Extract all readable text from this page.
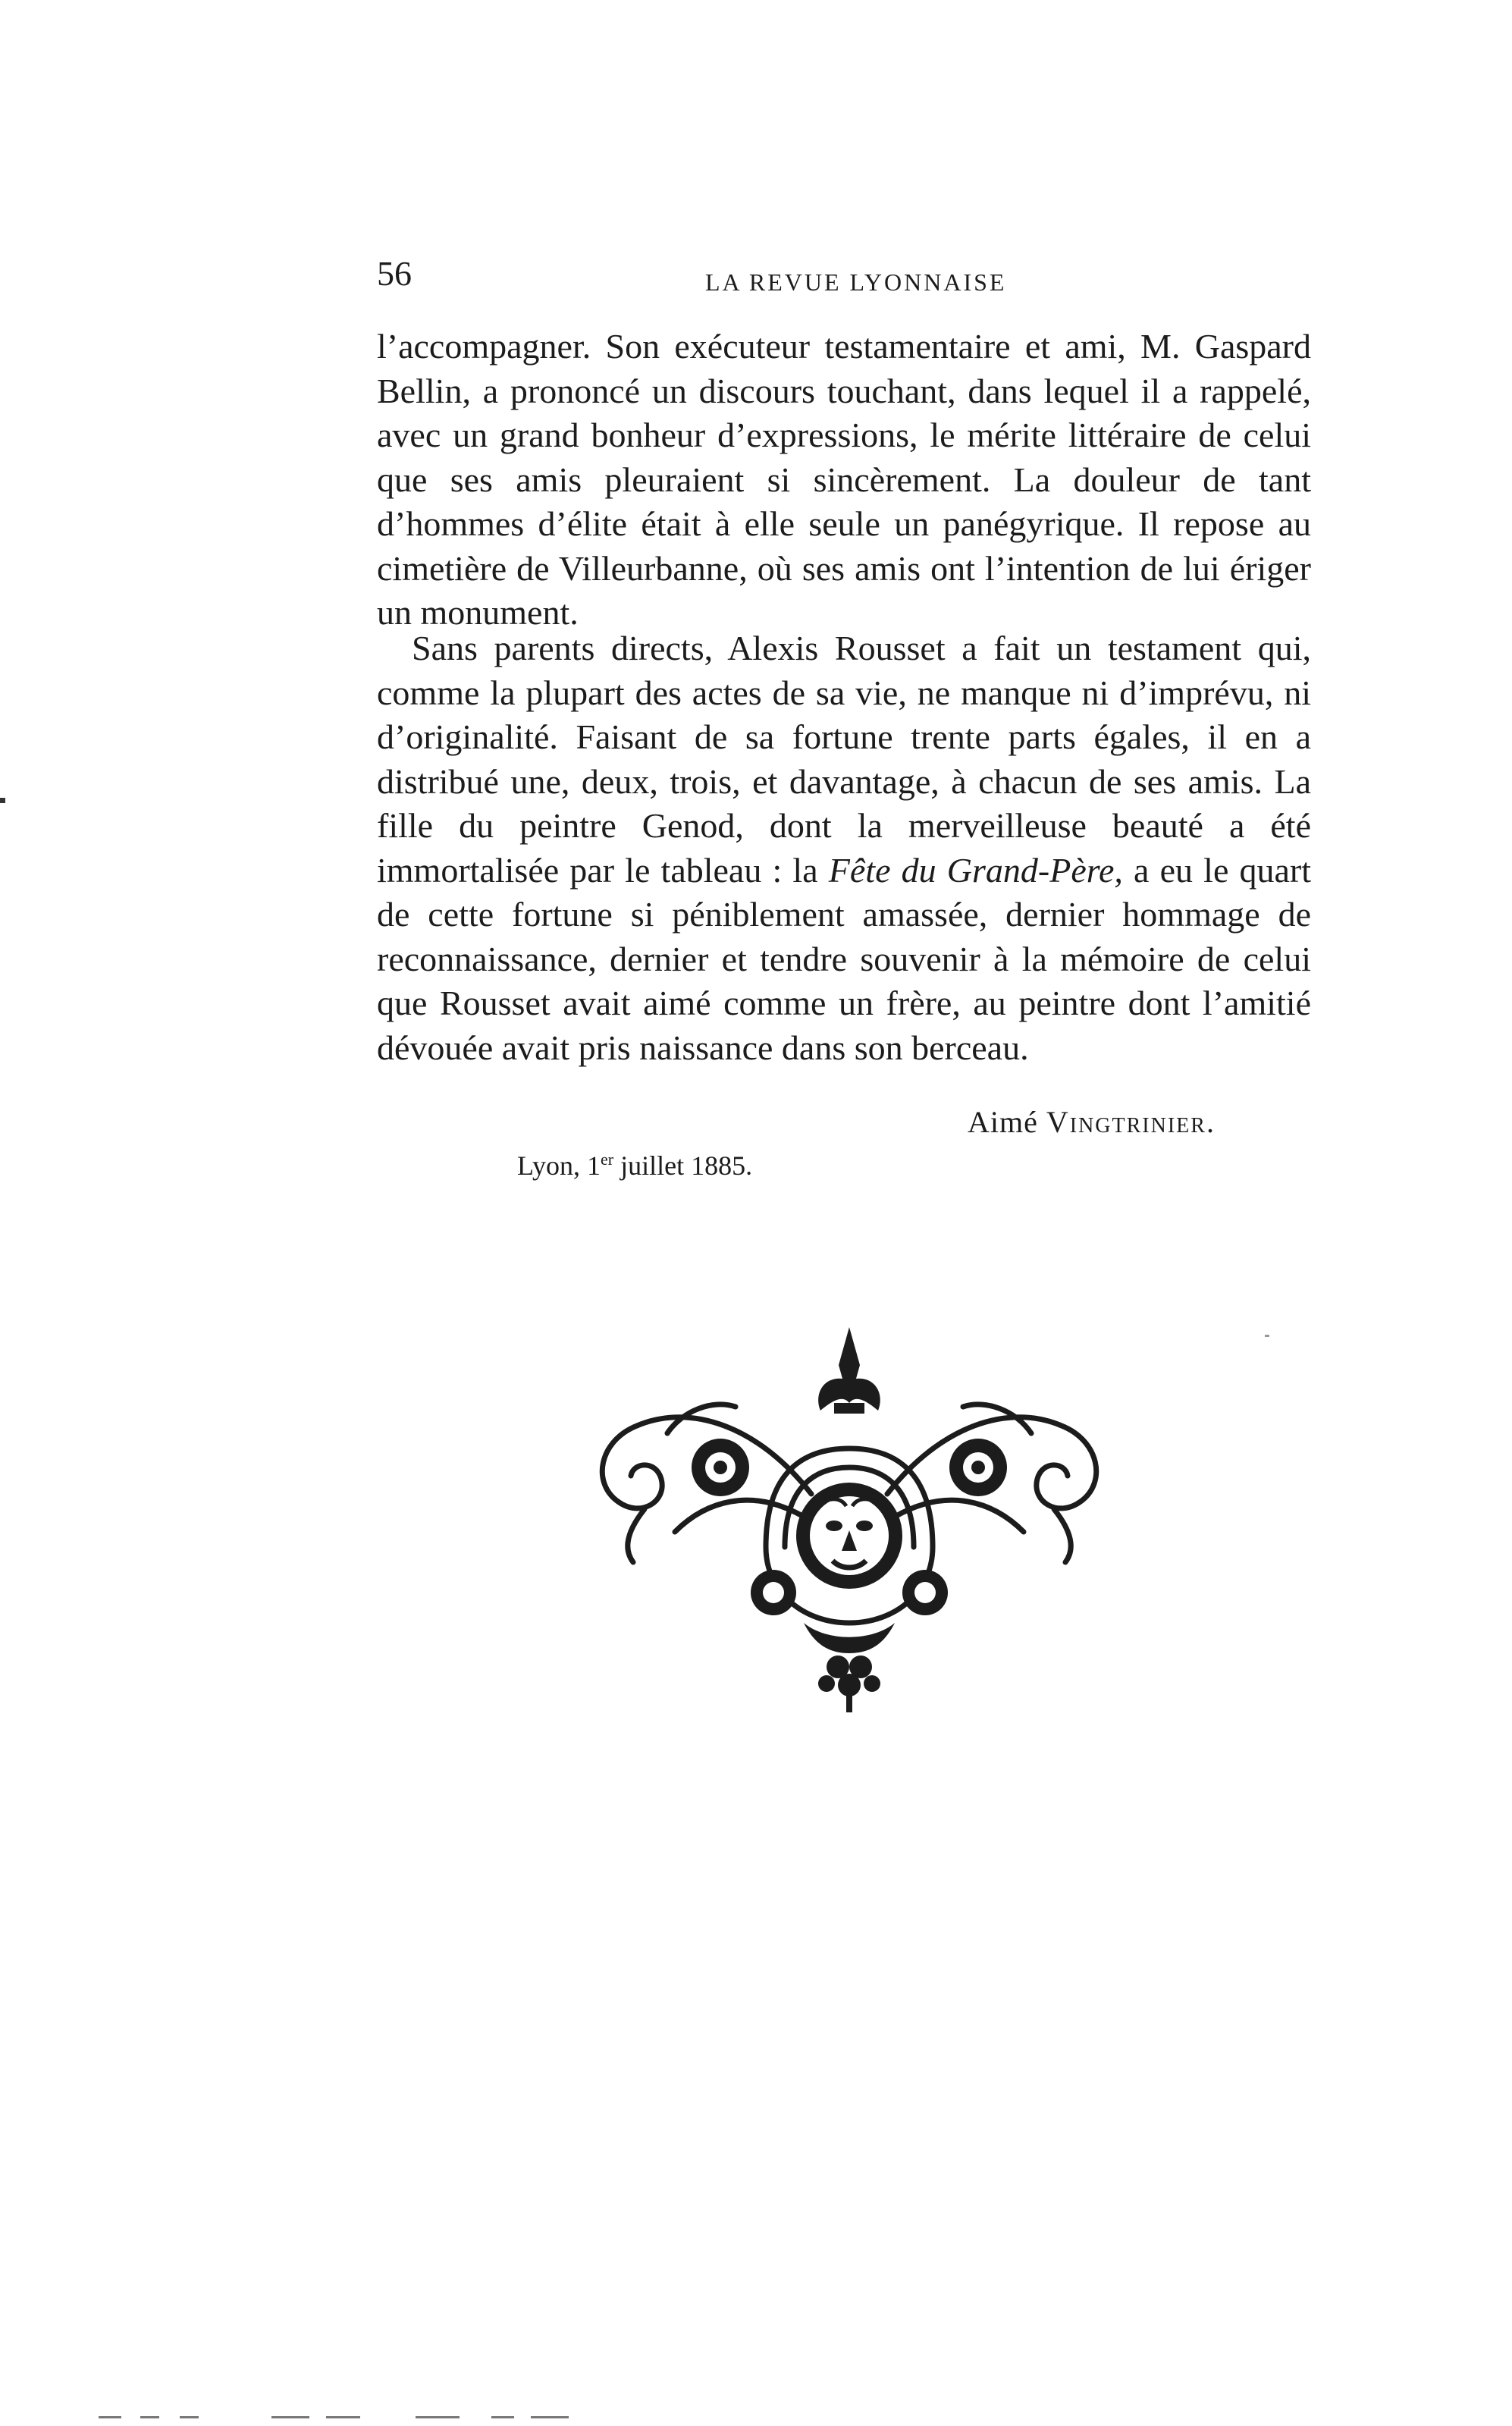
56	LA REVUE LYONNAISE

l’accompagner. Son exécuteur testamentaire et ami, M. Gaspard Bellin, a prononcé un discours touchant, dans lequel il a rappelé, avec un grand bonheur d’expressions, le mérite littéraire de celui que ses amis pleuraient si sincèrement. La douleur de tant d’hommes d’élite était à elle seule un panégyrique. Il repose au cimetière de Villeurbanne, où ses amis ont l’intention de lui ériger un monument.

Sans parents directs, Alexis Rousset a fait un testament qui, comme la plupart des actes de sa vie, ne manque ni d’imprévu, ni d’originalité. Faisant de sa fortune trente parts égales, il en a distribué une, deux, trois, et davantage, à chacun de ses amis. La fille du peintre Genod, dont la merveilleuse beauté a été immortalisée par le tableau : la Fête du Grand-Père, a eu le quart de cette fortune si péniblement amassée, dernier hommage de reconnaissance, dernier et tendre souvenir à la mémoire de celui que Rousset avait aimé comme un frère, au peintre dont l’amitié dévouée avait pris naissance dans son berceau.

Aimé Vingtrinier.
Lyon, 1er juillet 1885.
